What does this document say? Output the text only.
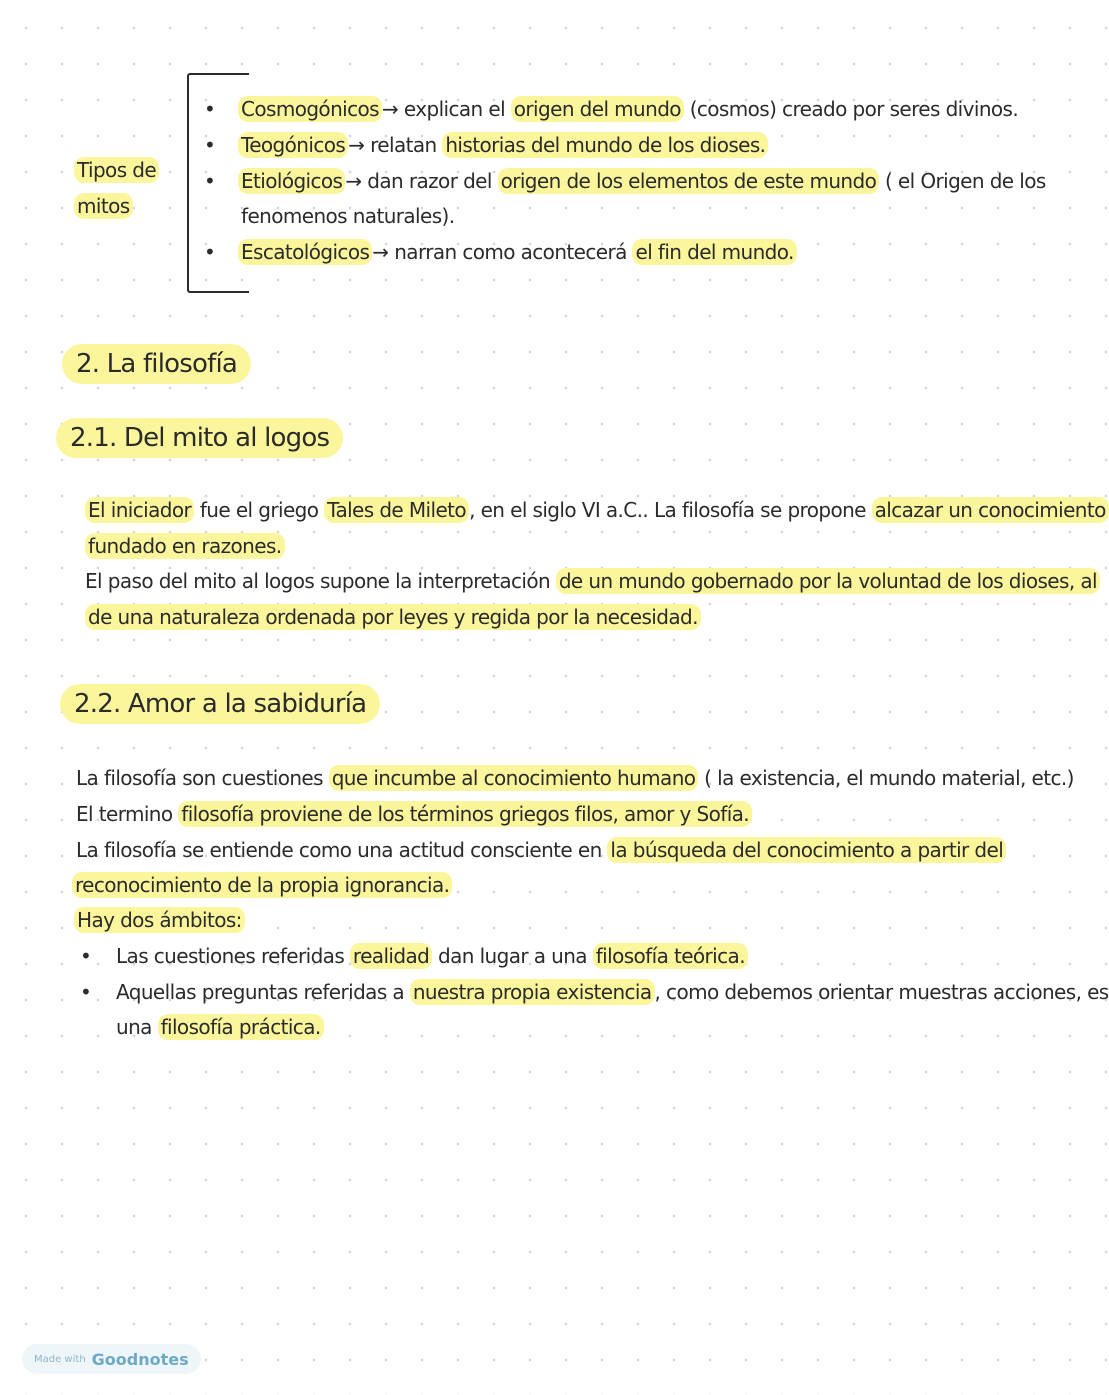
Tipos de
mitos
• Cosmogónicos → explican el origen del mundo (cosmos) creado por seres divinos.
• Teogónicos → relatan historias del mundo de los dioses.
• Etiológicos → dan razor del origen de los elementos de este mundo ( el Origen de los
fenomenos naturales).
• Escatológicos → narran como acontecerá el fin del mundo.
2. La filosofía
2.1. Del mito al logos
El iniciador fue el griego Tales de Mileto , en el siglo VI a.C.. La filosofía se propone alcazar un conocimiento
fundado en razones.
El paso del mito al logos supone la interpretación de un mundo gobernado por la voluntad de los dioses, al
de una naturaleza ordenada por leyes y regida por la necesidad.
2.2. Amor a la sabiduría
La filosofía son cuestiones que incumbe al conocimiento humano ( la existencia, el mundo material, etc.)
El termino filosofía proviene de los términos griegos filos, amor y Sofía.
La filosofía se entiende como una actitud consciente en la búsqueda del conocimiento a partir del
reconocimiento de la propia ignorancia.
Hay dos ámbitos:
• Las cuestiones referidas realidad dan lugar a una filosofía teórica.
• Aquellas preguntas referidas a nuestra propia existencia , como debemos orientar muestras acciones, es
una filosofía práctica.
Made with Goodnotes
